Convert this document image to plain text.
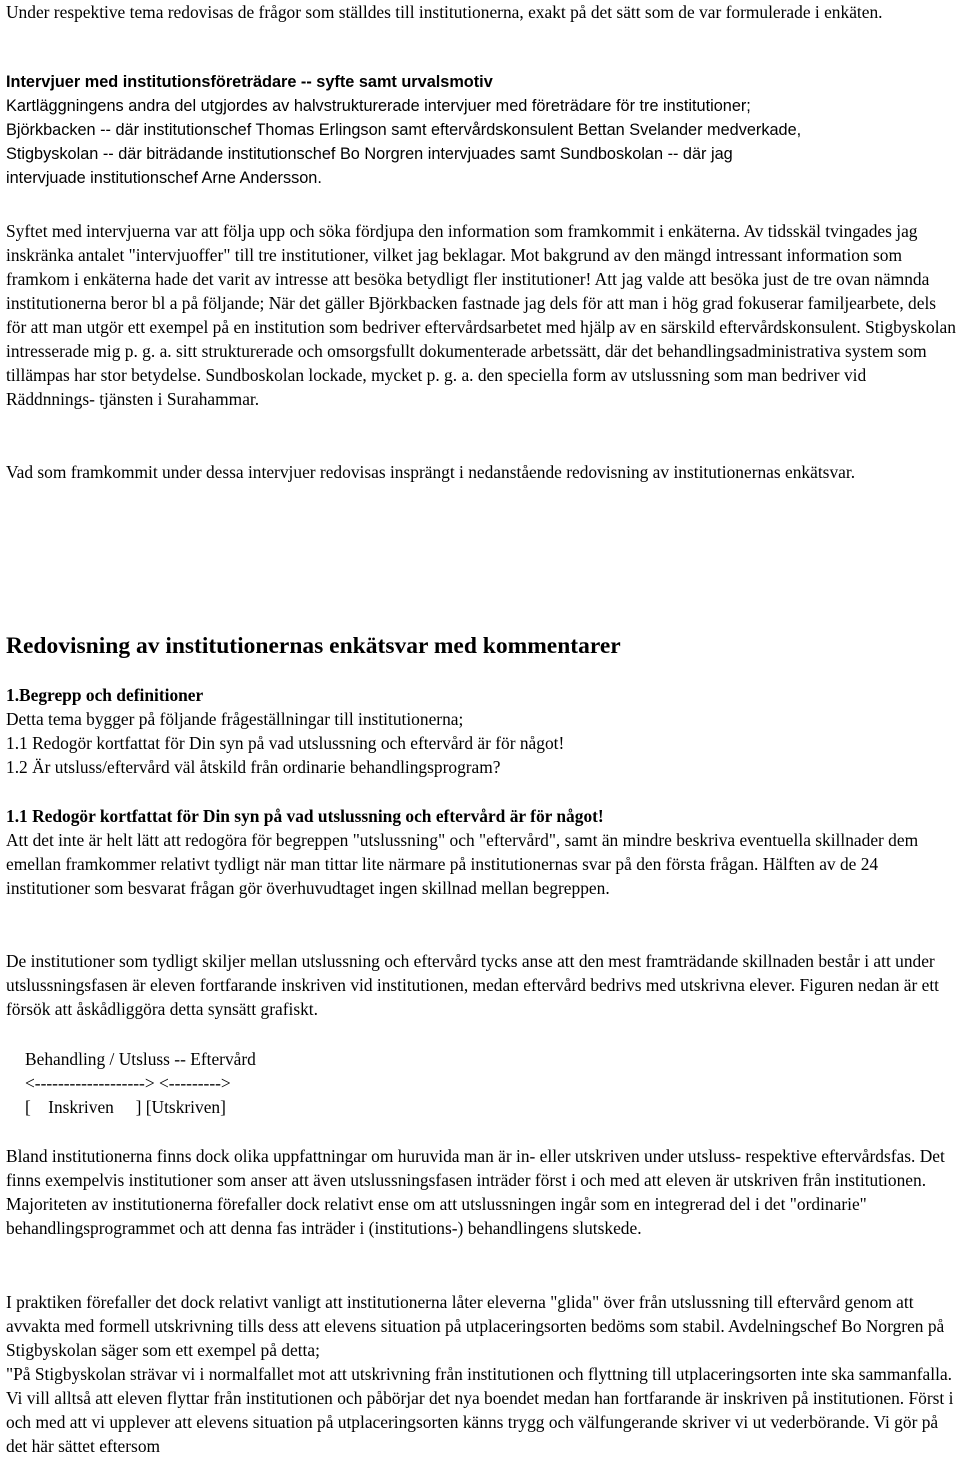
Under respektive tema redovisas de frågor som ställdes till institutionerna, exakt på det sätt som de var formulerade i enkäten.

Intervjuer med institutionsföreträdare -- syfte samt urvalsmotiv
Kartläggningens andra del utgjordes av halvstrukturerade intervjuer med företrädare för tre institutioner;
Björkbacken -- där institutionschef Thomas Erlingson samt eftervårdskonsulent Bettan Svelander medverkade,
Stigbyskolan -- där biträdande institutionschef Bo Norgren intervjuades samt Sundboskolan -- där jag
intervjuade institutionschef Arne Andersson.

Syftet med intervjuerna var att följa upp och söka fördjupa den information som framkommit i enkäterna. Av tidsskäl tvingades jag inskränka antalet "intervjuoffer" till tre institutioner, vilket jag beklagar. Mot bakgrund av den mängd intressant information som framkom i enkäterna hade det varit av intresse att besöka betydligt fler institutioner! Att jag valde att besöka just de tre ovan nämnda institutionerna beror bl a på följande; När det gäller Björkbacken fastnade jag dels för att man i hög grad fokuserar familjearbete, dels för att man utgör ett exempel på en institution som bedriver eftervårdsarbetet med hjälp av en särskild eftervårdskonsulent. Stigbyskolan intresserade mig p. g. a. sitt strukturerade och omsorgsfullt dokumenterade arbetssätt, där det behandlingsadministrativa system som tillämpas har stor betydelse. Sundboskolan lockade, mycket p. g. a. den speciella form av utslussning som man bedriver vid Räddnnings- tjänsten i Surahammar.

Vad som framkommit under dessa intervjuer redovisas insprängt i nedanstående redovisning av institutionernas enkätsvar.

Redovisning av institutionernas enkätsvar med kommentarer
1.Begrepp och definitioner
Detta tema bygger på följande frågeställningar till institutionerna;
1.1 Redogör kortfattat för Din syn på vad utslussning och eftervård är för något!
1.2 Är utsluss/eftervård väl åtskild från ordinarie behandlingsprogram?
1.1 Redogör kortfattat för Din syn på vad utslussning och eftervård är för något!

Att det inte är helt lätt att redogöra för begreppen "utslussning" och "eftervård", samt än mindre beskriva eventuella skillnader dem emellan framkommer relativt tydligt när man tittar lite närmare på institutionernas svar på den första frågan. Hälften av de 24 institutioner som besvarat frågan gör överhuvudtaget ingen skillnad mellan begreppen.

De institutioner som tydligt skiljer mellan utslussning och eftervård tycks anse att den mest framträdande skillnaden består i att under utslussningsfasen är eleven fortfarande inskriven vid institutionen, medan eftervård bedrivs med utskrivna elever. Figuren nedan är ett försök att åskådliggöra detta synsätt grafiskt.

Behandling / Utsluss -- Eftervård
<-------------------> <--------->
[    Inskriven     ] [Utskriven]

Bland institutionerna finns dock olika uppfattningar om huruvida man är in- eller utskriven under utsluss- respektive eftervårdsfas. Det finns exempelvis institutioner som anser att även utslussningsfasen inträder först i och med att eleven är utskriven från institutionen. Majoriteten av institutionerna förefaller dock relativt ense om att utslussningen ingår som en integrerad del i det "ordinarie" behandlingsprogrammet och att denna fas inträder i (institutions-) behandlingens slutskede.

I praktiken förefaller det dock relativt vanligt att institutionerna låter eleverna "glida" över från utslussning till eftervård genom att avvakta med formell utskrivning tills dess att elevens situation på utplaceringsorten bedöms som stabil. Avdelningschef Bo Norgren på Stigbyskolan säger som ett exempel på detta;

"På Stigbyskolan strävar vi i normalfallet mot att utskrivning från institutionen och flyttning till utplaceringsorten inte ska sammanfalla. Vi vill alltså att eleven flyttar från institutionen och påbörjar det nya boendet medan han fortfarande är inskriven på institutionen. Först i och med att vi upplever att elevens situation på utplaceringsorten känns trygg och välfungerande skriver vi ut vederbörande. Vi gör på det här sättet eftersom
